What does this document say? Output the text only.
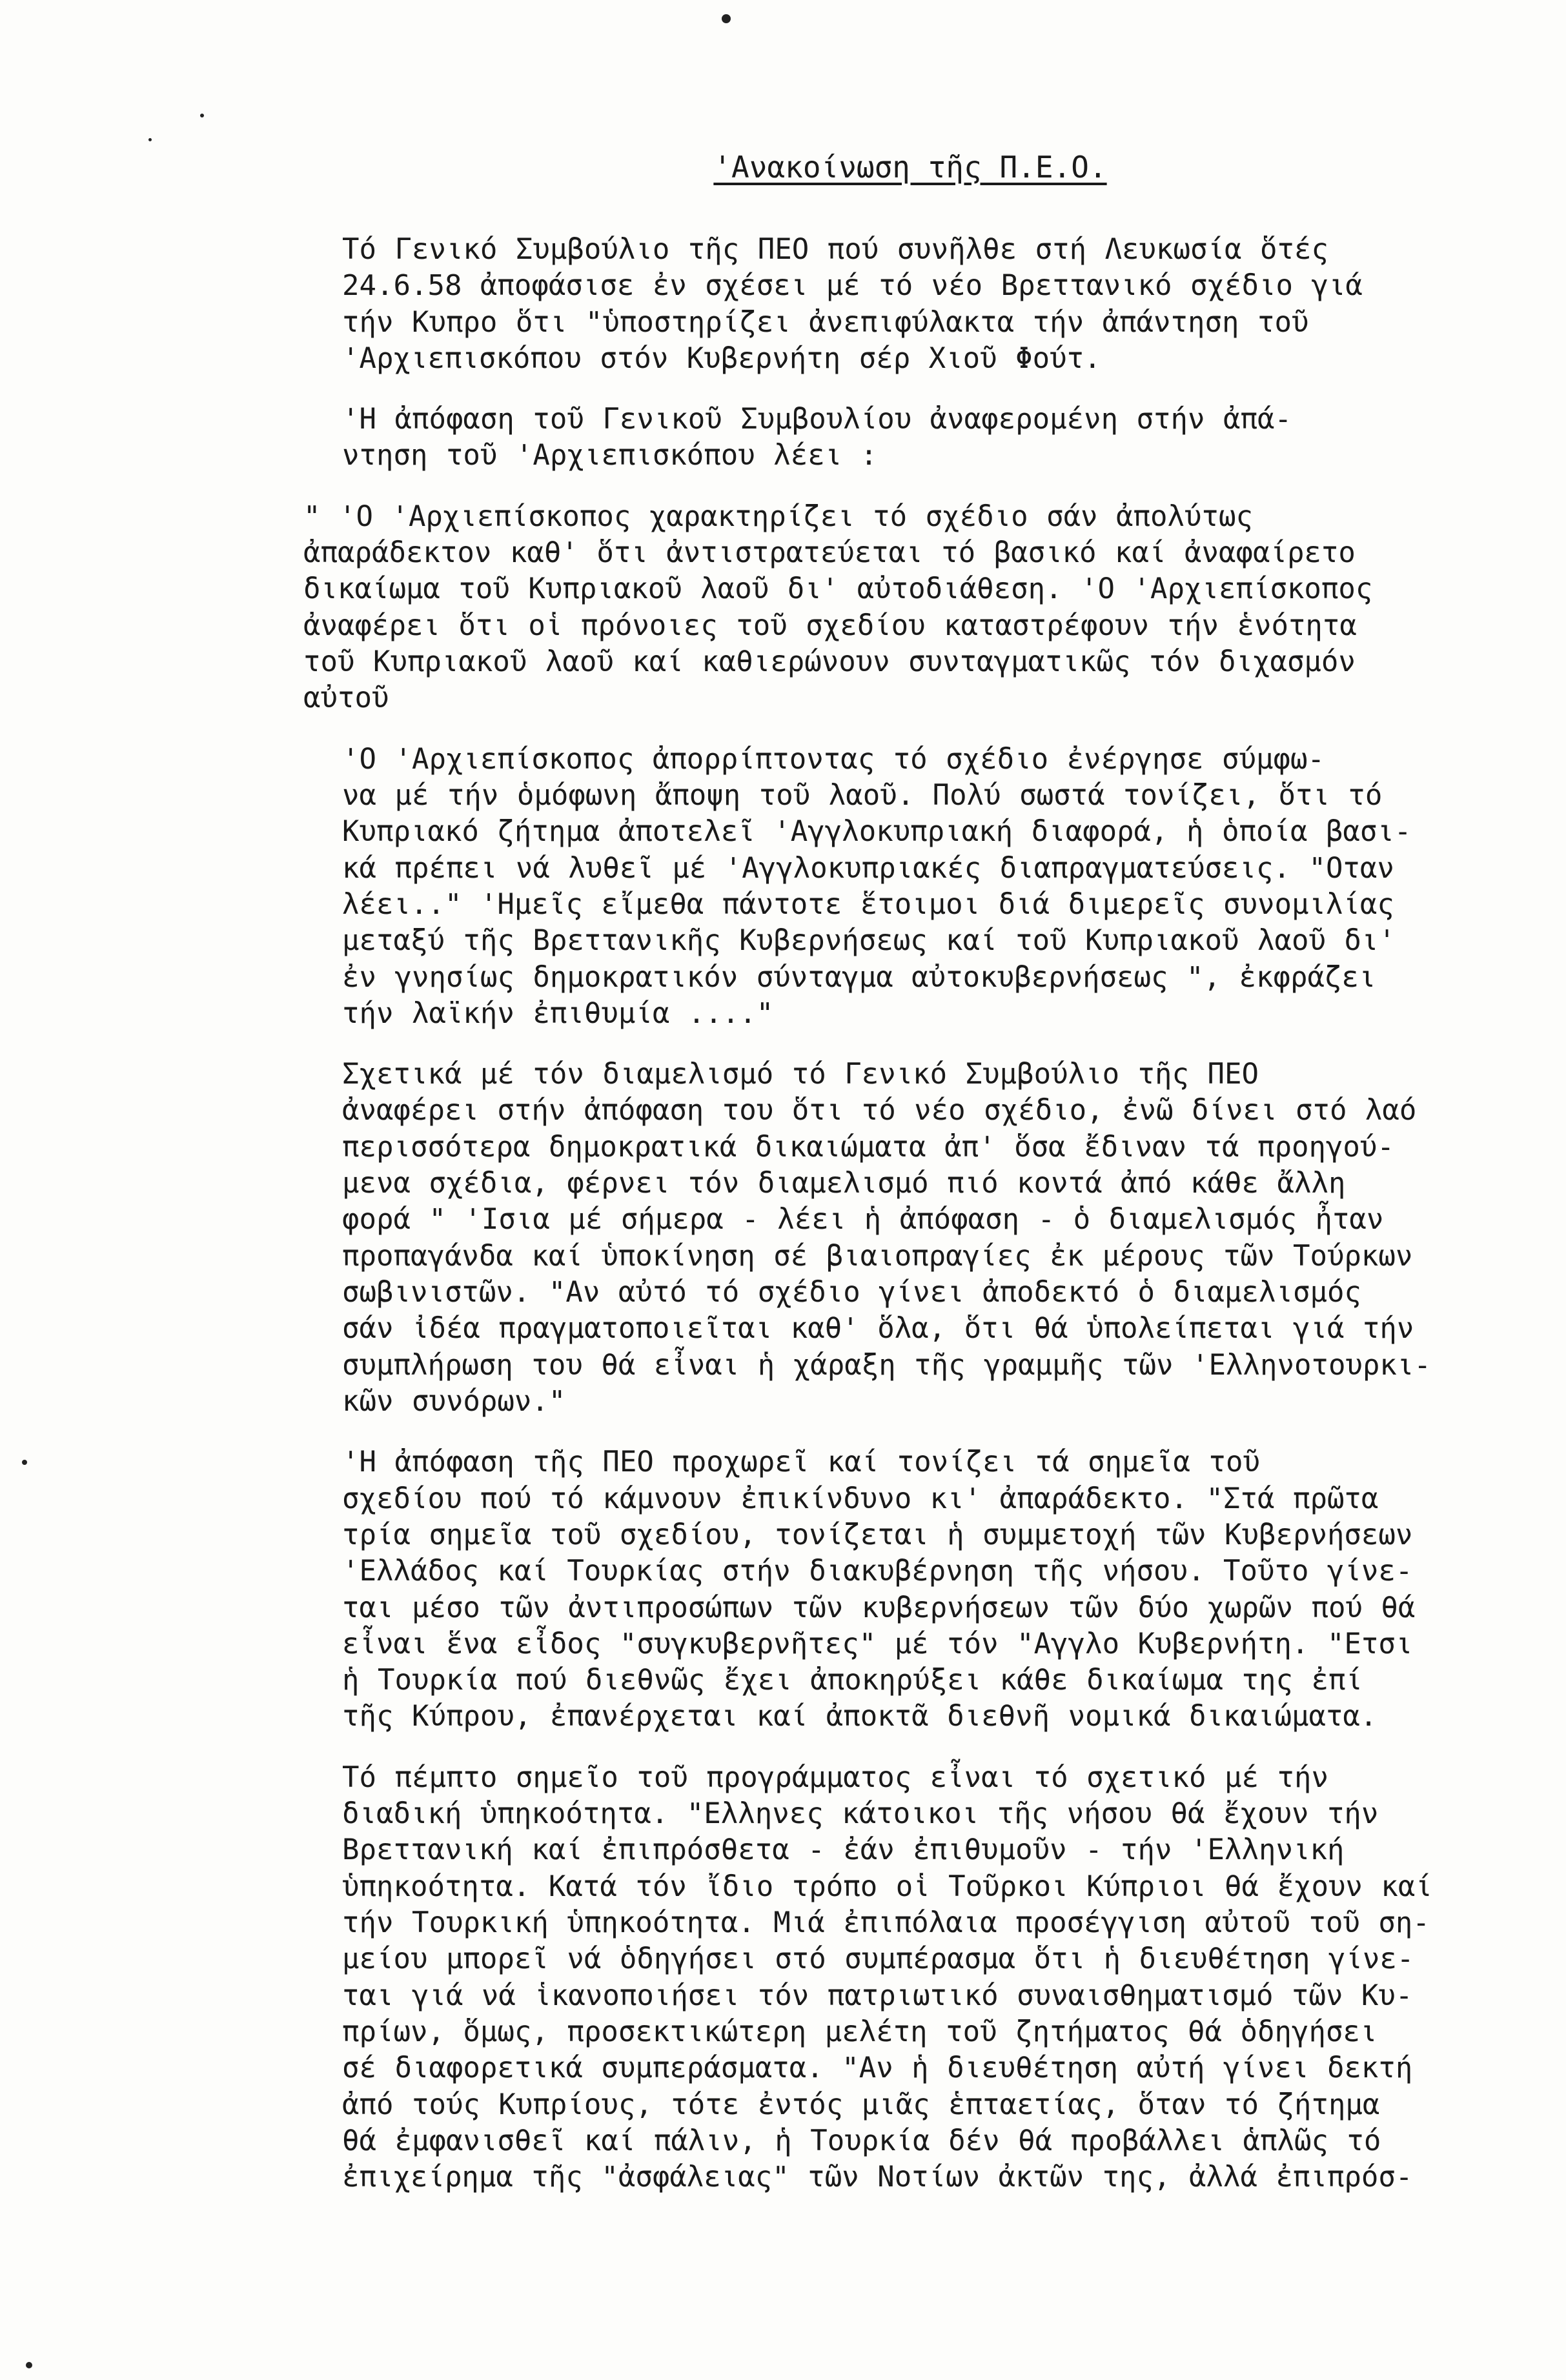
'Ανακοίνωση τῆς Π.Ε.Ο.
Τό Γενικό Συμβούλιο τῆς ΠΕΟ πού συνῆλθε στή Λευκωσία ὅτές
24.6.58 ἀποφάσισε ἐν σχέσει μέ τό νέο Βρεττανικό σχέδιο γιά
τήν Κυπρο ὅτι "ὑποστηρίζει ἀνεπιφύλακτα τήν ἀπάντηση τοῦ
'Αρχιεπισκόπου στόν Κυβερνήτη σέρ Χιοῦ Φούτ.
'Η ἀπόφαση τοῦ Γενικοῦ Συμβουλίου ἀναφερομένη στήν ἀπά-
ντηση τοῦ 'Αρχιεπισκόπου λέει :
" 'Ο 'Αρχιεπίσκοπος χαρακτηρίζει τό σχέδιο σάν ἀπολύτως
ἀπαράδεκτον καθ' ὅτι ἀντιστρατεύεται τό βασικό καί ἀναφαίρετο
δικαίωμα τοῦ Κυπριακοῦ λαοῦ δι' αὐτοδιάθεση. 'Ο 'Αρχιεπίσκοπος
ἀναφέρει ὅτι οἱ πρόνοιες τοῦ σχεδίου καταστρέφουν τήν ἑνότητα
τοῦ Κυπριακοῦ λαοῦ καί καθιερώνουν συνταγματικῶς τόν διχασμόν
αὐτοῦ
'Ο 'Αρχιεπίσκοπος ἀπορρίπτοντας τό σχέδιο ἐνέργησε σύμφω-
να μέ τήν ὁμόφωνη ἄποψη τοῦ λαοῦ. Πολύ σωστά τονίζει, ὅτι τό
Κυπριακό ζήτημα ἀποτελεῖ 'Αγγλοκυπριακή διαφορά, ἡ ὁποία βασι-
κά πρέπει νά λυθεῖ μέ 'Αγγλοκυπριακές διαπραγματεύσεις. "Οταν
λέει.." 'Ημεῖς εἴμεθα πάντοτε ἕτοιμοι διά διμερεῖς συνομιλίας
μεταξύ τῆς Βρεττανικῆς Κυβερνήσεως καί τοῦ Κυπριακοῦ λαοῦ δι'
ἐν γνησίως δημοκρατικόν σύνταγμα αὐτοκυβερνήσεως ", ἐκφράζει
τήν λαϊκήν ἐπιθυμία ...."
Σχετικά μέ τόν διαμελισμό τό Γενικό Συμβούλιο τῆς ΠΕΟ
ἀναφέρει στήν ἀπόφαση του ὅτι τό νέο σχέδιο, ἐνῶ δίνει στό λαό
περισσότερα δημοκρατικά δικαιώματα ἀπ' ὅσα ἔδιναν τά προηγού-
μενα σχέδια, φέρνει τόν διαμελισμό πιό κοντά ἀπό κάθε ἄλλη
φορά " 'Ισια μέ σήμερα - λέει ἡ ἀπόφαση - ὁ διαμελισμός ἦταν
προπαγάνδα καί ὑποκίνηση σέ βιαιοπραγίες ἐκ μέρους τῶν Τούρκων
σωβινιστῶν. "Αν αὐτό τό σχέδιο γίνει ἀποδεκτό ὁ διαμελισμός
σάν ἰδέα πραγματοποιεῖται καθ' ὅλα, ὅτι θά ὑπολείπεται γιά τήν
συμπλήρωση του θά εἶναι ἡ χάραξη τῆς γραμμῆς τῶν 'Ελληνοτουρκι-
κῶν συνόρων."
'Η ἀπόφαση τῆς ΠΕΟ προχωρεῖ καί τονίζει τά σημεῖα τοῦ
σχεδίου πού τό κάμνουν ἐπικίνδυνο κι' ἀπαράδεκτο. "Στά πρῶτα
τρία σημεῖα τοῦ σχεδίου, τονίζεται ἡ συμμετοχή τῶν Κυβερνήσεων
'Ελλάδος καί Τουρκίας στήν διακυβέρνηση τῆς νήσου. Τοῦτο γίνε-
ται μέσο τῶν ἀντιπροσώπων τῶν κυβερνήσεων τῶν δύο χωρῶν πού θά
εἶναι ἕνα εἶδος "συγκυβερνῆτες" μέ τόν "Αγγλο Κυβερνήτη. "Ετσι
ἡ Τουρκία πού διεθνῶς ἔχει ἀποκηρύξει κάθε δικαίωμα της ἐπί
τῆς Κύπρου, ἐπανέρχεται καί ἀποκτᾶ διεθνῆ νομικά δικαιώματα.
Τό πέμπτο σημεῖο τοῦ προγράμματος εἶναι τό σχετικό μέ τήν
διαδική ὑπηκοότητα. "Ελληνες κάτοικοι τῆς νήσου θά ἔχουν τήν
Βρεττανική καί ἐπιπρόσθετα - ἐάν ἐπιθυμοῦν - τήν 'Ελληνική
ὑπηκοότητα. Κατά τόν ἴδιο τρόπο οἱ Τοῦρκοι Κύπριοι θά ἔχουν καί
τήν Τουρκική ὑπηκοότητα. Μιά ἐπιπόλαια προσέγγιση αὐτοῦ τοῦ ση-
μείου μπορεῖ νά ὁδηγήσει στό συμπέρασμα ὅτι ἡ διευθέτηση γίνε-
ται γιά νά ἱκανοποιήσει τόν πατριωτικό συναισθηματισμό τῶν Κυ-
πρίων, ὅμως, προσεκτικώτερη μελέτη τοῦ ζητήματος θά ὁδηγήσει
σέ διαφορετικά συμπεράσματα. "Αν ἡ διευθέτηση αὐτή γίνει δεκτή
ἀπό τούς Κυπρίους, τότε ἐντός μιᾶς ἑπταετίας, ὅταν τό ζήτημα
θά ἐμφανισθεῖ καί πάλιν, ἡ Τουρκία δέν θά προβάλλει ἁπλῶς τό
ἐπιχείρημα τῆς "ἀσφάλειας" τῶν Νοτίων ἀκτῶν της, ἀλλά ἐπιπρόσ-
